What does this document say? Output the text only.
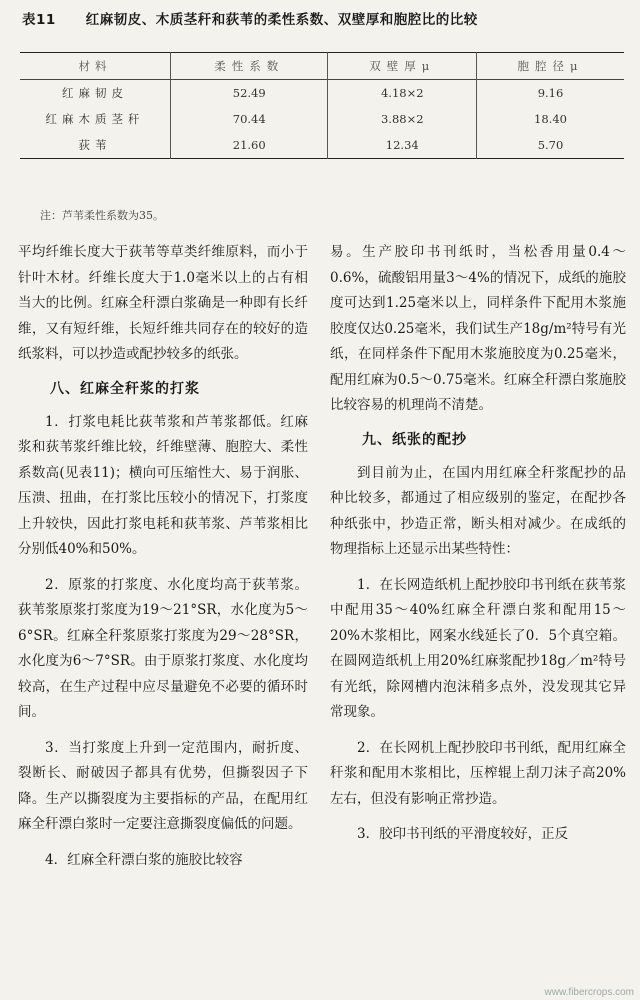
表11 红麻韧皮、木质茎秆和荻苇的柔性系数、双壁厚和胞腔比的比较
材料	柔性系数	双壁厚μ	胞腔径μ
红麻韧皮	52.49	4.18×2	9.16
红麻木质茎秆	70.44	3.88×2	18.40
荻苇	21.60	12.34	5.70
注：芦苇柔性系数为35。

平均纤维长度大于荻苇等草类纤维原料，而小于针叶木材。纤维长度大于1.0毫米以上的占有相当大的比例。红麻全秆漂白浆确是一种即有长纤维，又有短纤维，长短纤维共同存在的较好的造纸浆料，可以抄造或配抄较多的纸张。

八、红麻全秆浆的打浆

1．打浆电耗比荻苇浆和芦苇浆都低。红麻浆和荻苇浆纤维比较，纤维壁薄、胞腔大、柔性系数高(见表11)；横向可压缩性大、易于润胀、压溃、扭曲，在打浆比压较小的情况下，打浆度上升较快，因此打浆电耗和荻苇浆、芦苇浆相比分别低40%和50%。

2．原浆的打浆度、水化度均高于荻苇浆。荻苇浆原浆打浆度为19～21°SR，水化度为5～6°SR。红麻全秆浆原浆打浆度为29～28°SR，水化度为6～7°SR。由于原浆打浆度、水化度均较高，在生产过程中应尽量避免不必要的循环时间。

3．当打浆度上升到一定范围内，耐折度、裂断长、耐破因子都具有优势，但撕裂因子下降。生产以撕裂度为主要指标的产品，在配用红麻全秆漂白浆时一定要注意撕裂度偏低的问题。

4．红麻全秆漂白浆的施胶比较容

易。生产胶印书刊纸时，当松香用量0.4～0.6%，硫酸铝用量3～4%的情况下，成纸的施胶度可达到1.25毫米以上，同样条件下配用木浆施胶度仅达0.25毫米，我们试生产18g/m²特号有光纸，在同样条件下配用木浆施胶度为0.25毫米，配用红麻为0.5～0.75毫米。红麻全秆漂白浆施胶比较容易的机理尚不清楚。

九、纸张的配抄

到目前为止，在国内用红麻全秆浆配抄的品种比较多，都通过了相应级别的鉴定，在配抄各种纸张中，抄造正常，断头相对减少。在成纸的物理指标上还显示出某些特性：

1．在长网造纸机上配抄胶印书刊纸在荻苇浆中配用35～40%红麻全秆漂白浆和配用15～20%木浆相比，网案水线延长了0．5个真空箱。在圆网造纸机上用20%红麻浆配抄18g／m²特号有光纸，除网槽内泡沫稍多点外，没发现其它异常现象。

2．在长网机上配抄胶印书刊纸，配用红麻全秆浆和配用木浆相比，压榨辊上刮刀沫子高20%左右，但没有影响正常抄造。

3．胶印书刊纸的平滑度较好，正反

www.fibercrops.com
